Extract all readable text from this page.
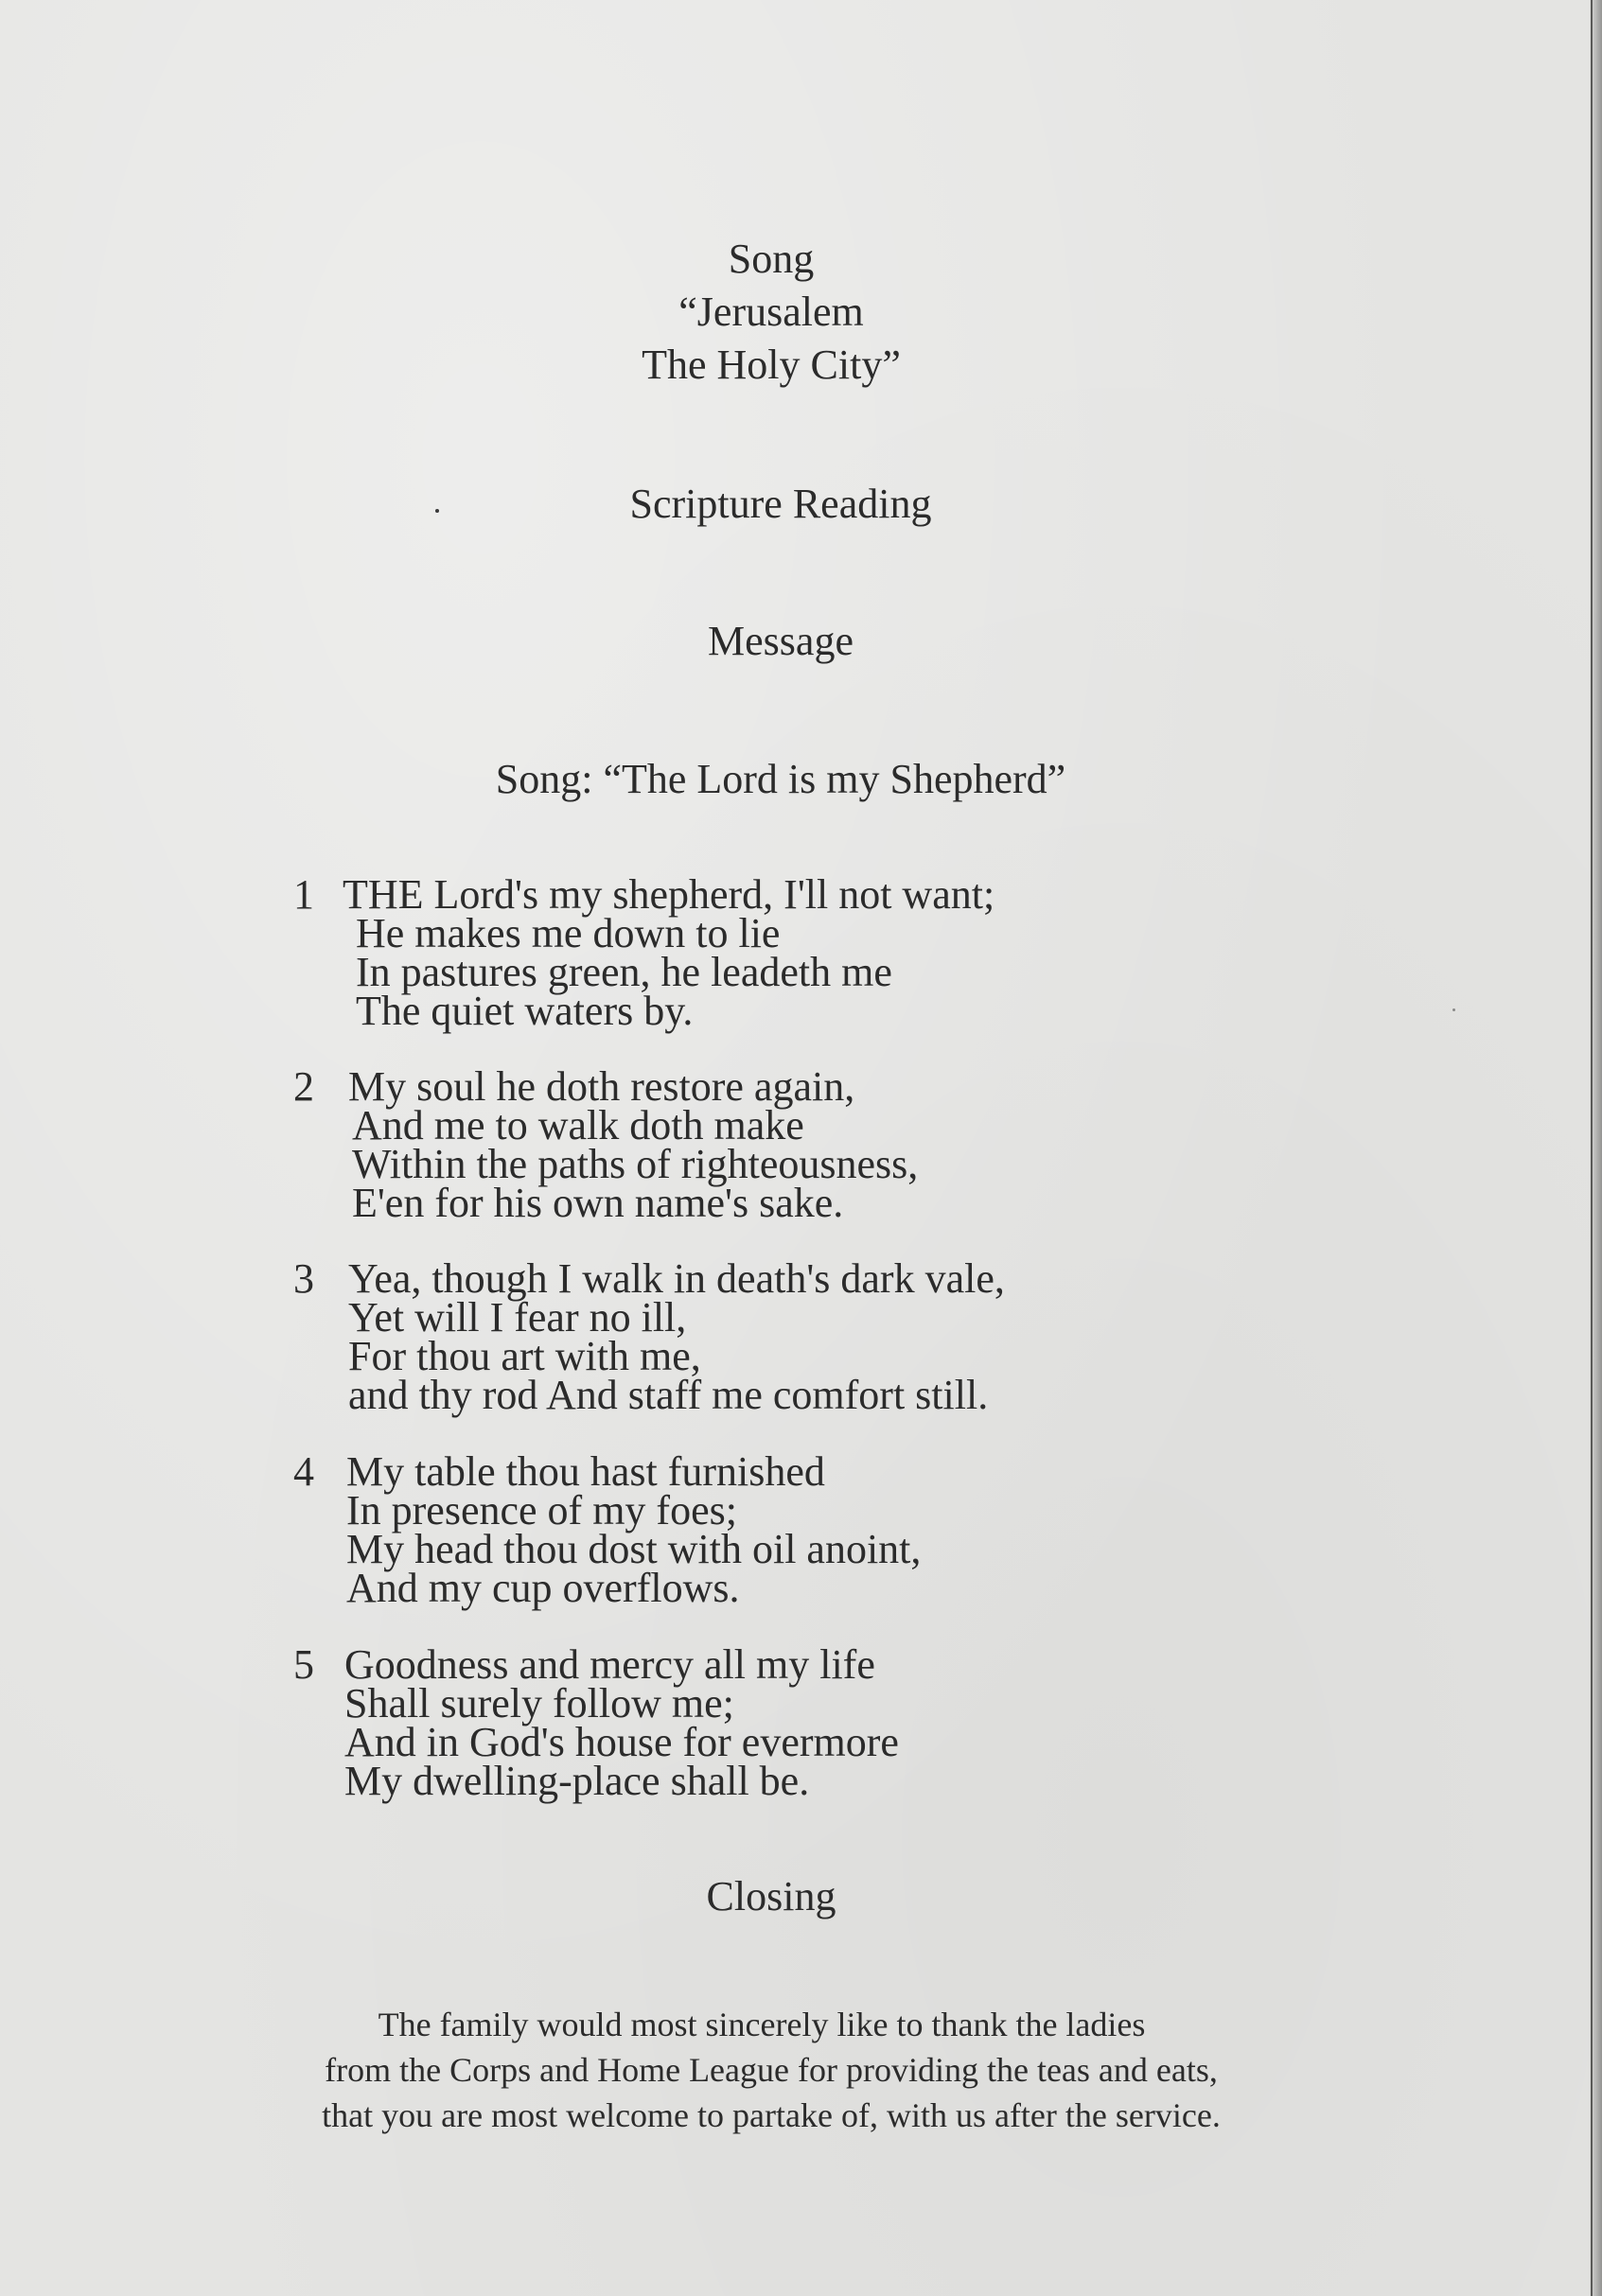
Song
“Jerusalem
The Holy City”
Scripture Reading
Message
Song: “The Lord is my Shepherd”
1 THE Lord's my shepherd, I'll not want;
He makes me down to lie
In pastures green, he leadeth me
The quiet waters by.
2 My soul he doth restore again,
And me to walk doth make
Within the paths of righteousness,
E'en for his own name's sake.
3 Yea, though I walk in death's dark vale,
Yet will I fear no ill,
For thou art with me,
and thy rod And staff me comfort still.
4 My table thou hast furnished
In presence of my foes;
My head thou dost with oil anoint,
And my cup overflows.
5 Goodness and mercy all my life
Shall surely follow me;
And in God's house for evermore
My dwelling-place shall be.
Closing
The family would most sincerely like to thank the ladies
from the Corps and Home League for providing the teas and eats,
that you are most welcome to partake of, with us after the service.
